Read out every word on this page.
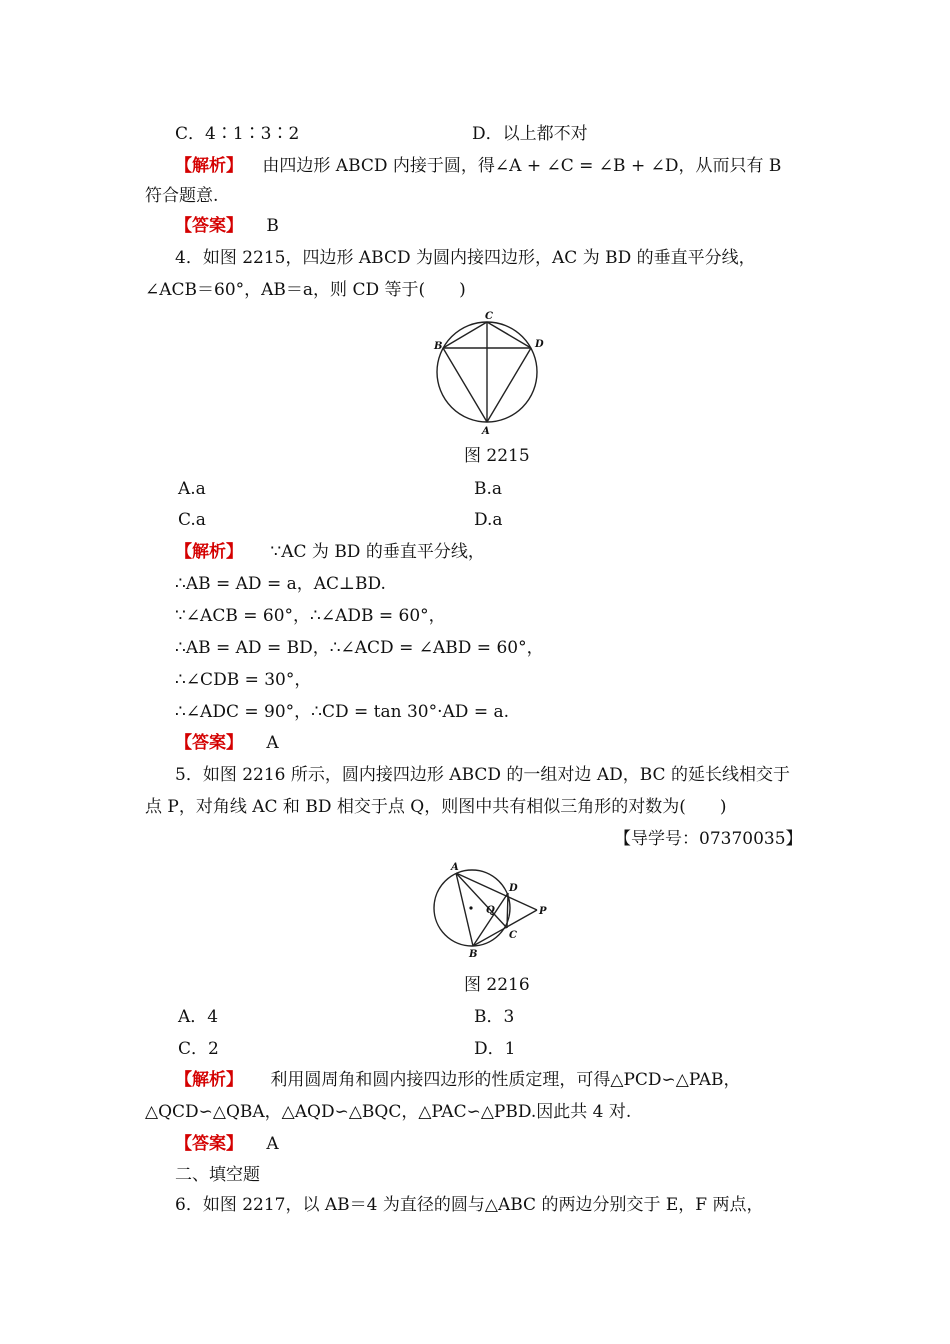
C．4∶1∶3∶2	D．以上都不对
【解析】 由四边形 ABCD 内接于圆，得∠A + ∠C = ∠B + ∠D，从而只有 B
符合题意.
【答案】 B
4．如图 2215，四边形 ABCD 为圆内接四边形，AC 为 BD 的垂直平分线，
∠ACB＝60°，AB＝a，则 CD 等于(　　)
C
B	D
A
图 2215
A.a	B.a
C.a	D.a
【解析】 ∵AC 为 BD 的垂直平分线，
∴AB = AD = a，AC⊥BD.
∵∠ACB = 60°，∴∠ADB = 60°，
∴AB = AD = BD，∴∠ACD = ∠ABD = 60°，
∴∠CDB = 30°，
∴∠ADC = 90°，∴CD = tan 30°·AD = a.
【答案】 A
5．如图 2216 所示，圆内接四边形 ABCD 的一组对边 AD，BC 的延长线相交于
点 P，对角线 AC 和 BD 相交于点 Q，则图中共有相似三角形的对数为(　　)
【导学号：07370035】
A
B
D
C
P
Q
图 2216
A．4	B．3
C．2	D．1
【解析】 利用圆周角和圆内接四边形的性质定理，可得△PCD∽△PAB，
△QCD∽△QBA，△AQD∽△BQC，△PAC∽△PBD.因此共 4 对.
【答案】 A
二、填空题
6．如图 2217，以 AB＝4 为直径的圆与△ABC 的两边分别交于 E，F 两点，
